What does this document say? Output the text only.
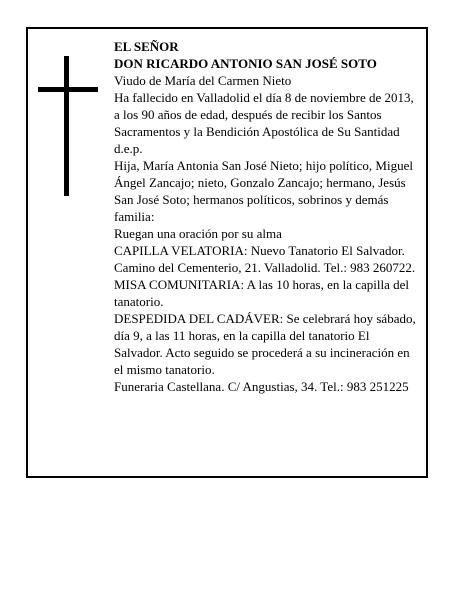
EL SEÑOR

DON RICARDO ANTONIO SAN JOSÉ SOTO

Viudo de María del Carmen Nieto

Ha fallecido en Valladolid el día 8 de noviembre de 2013, a los 90 años de edad, después de recibir los Santos Sacramentos y la Bendición Apostólica de Su Santidad

d.e.p.

Hija, María Antonia San José Nieto; hijo político, Miguel Ángel Zancajo; nieto, Gonzalo Zancajo; hermano, Jesús San José Soto; hermanos políticos, sobrinos y demás familia:

Ruegan una oración por su alma

CAPILLA VELATORIA: Nuevo Tanatorio El Salvador. Camino del Cementerio, 21. Valladolid. Tel.: 983 260722. MISA COMUNITARIA: A las 10 horas, en la capilla del tanatorio.

DESPEDIDA DEL CADÁVER: Se celebrará hoy sábado, día 9, a las 11 horas, en la capilla del tanatorio El Salvador. Acto seguido se procederá a su incineración en el mismo tanatorio.

Funeraria Castellana. C/ Angustias, 34. Tel.: 983 251225
